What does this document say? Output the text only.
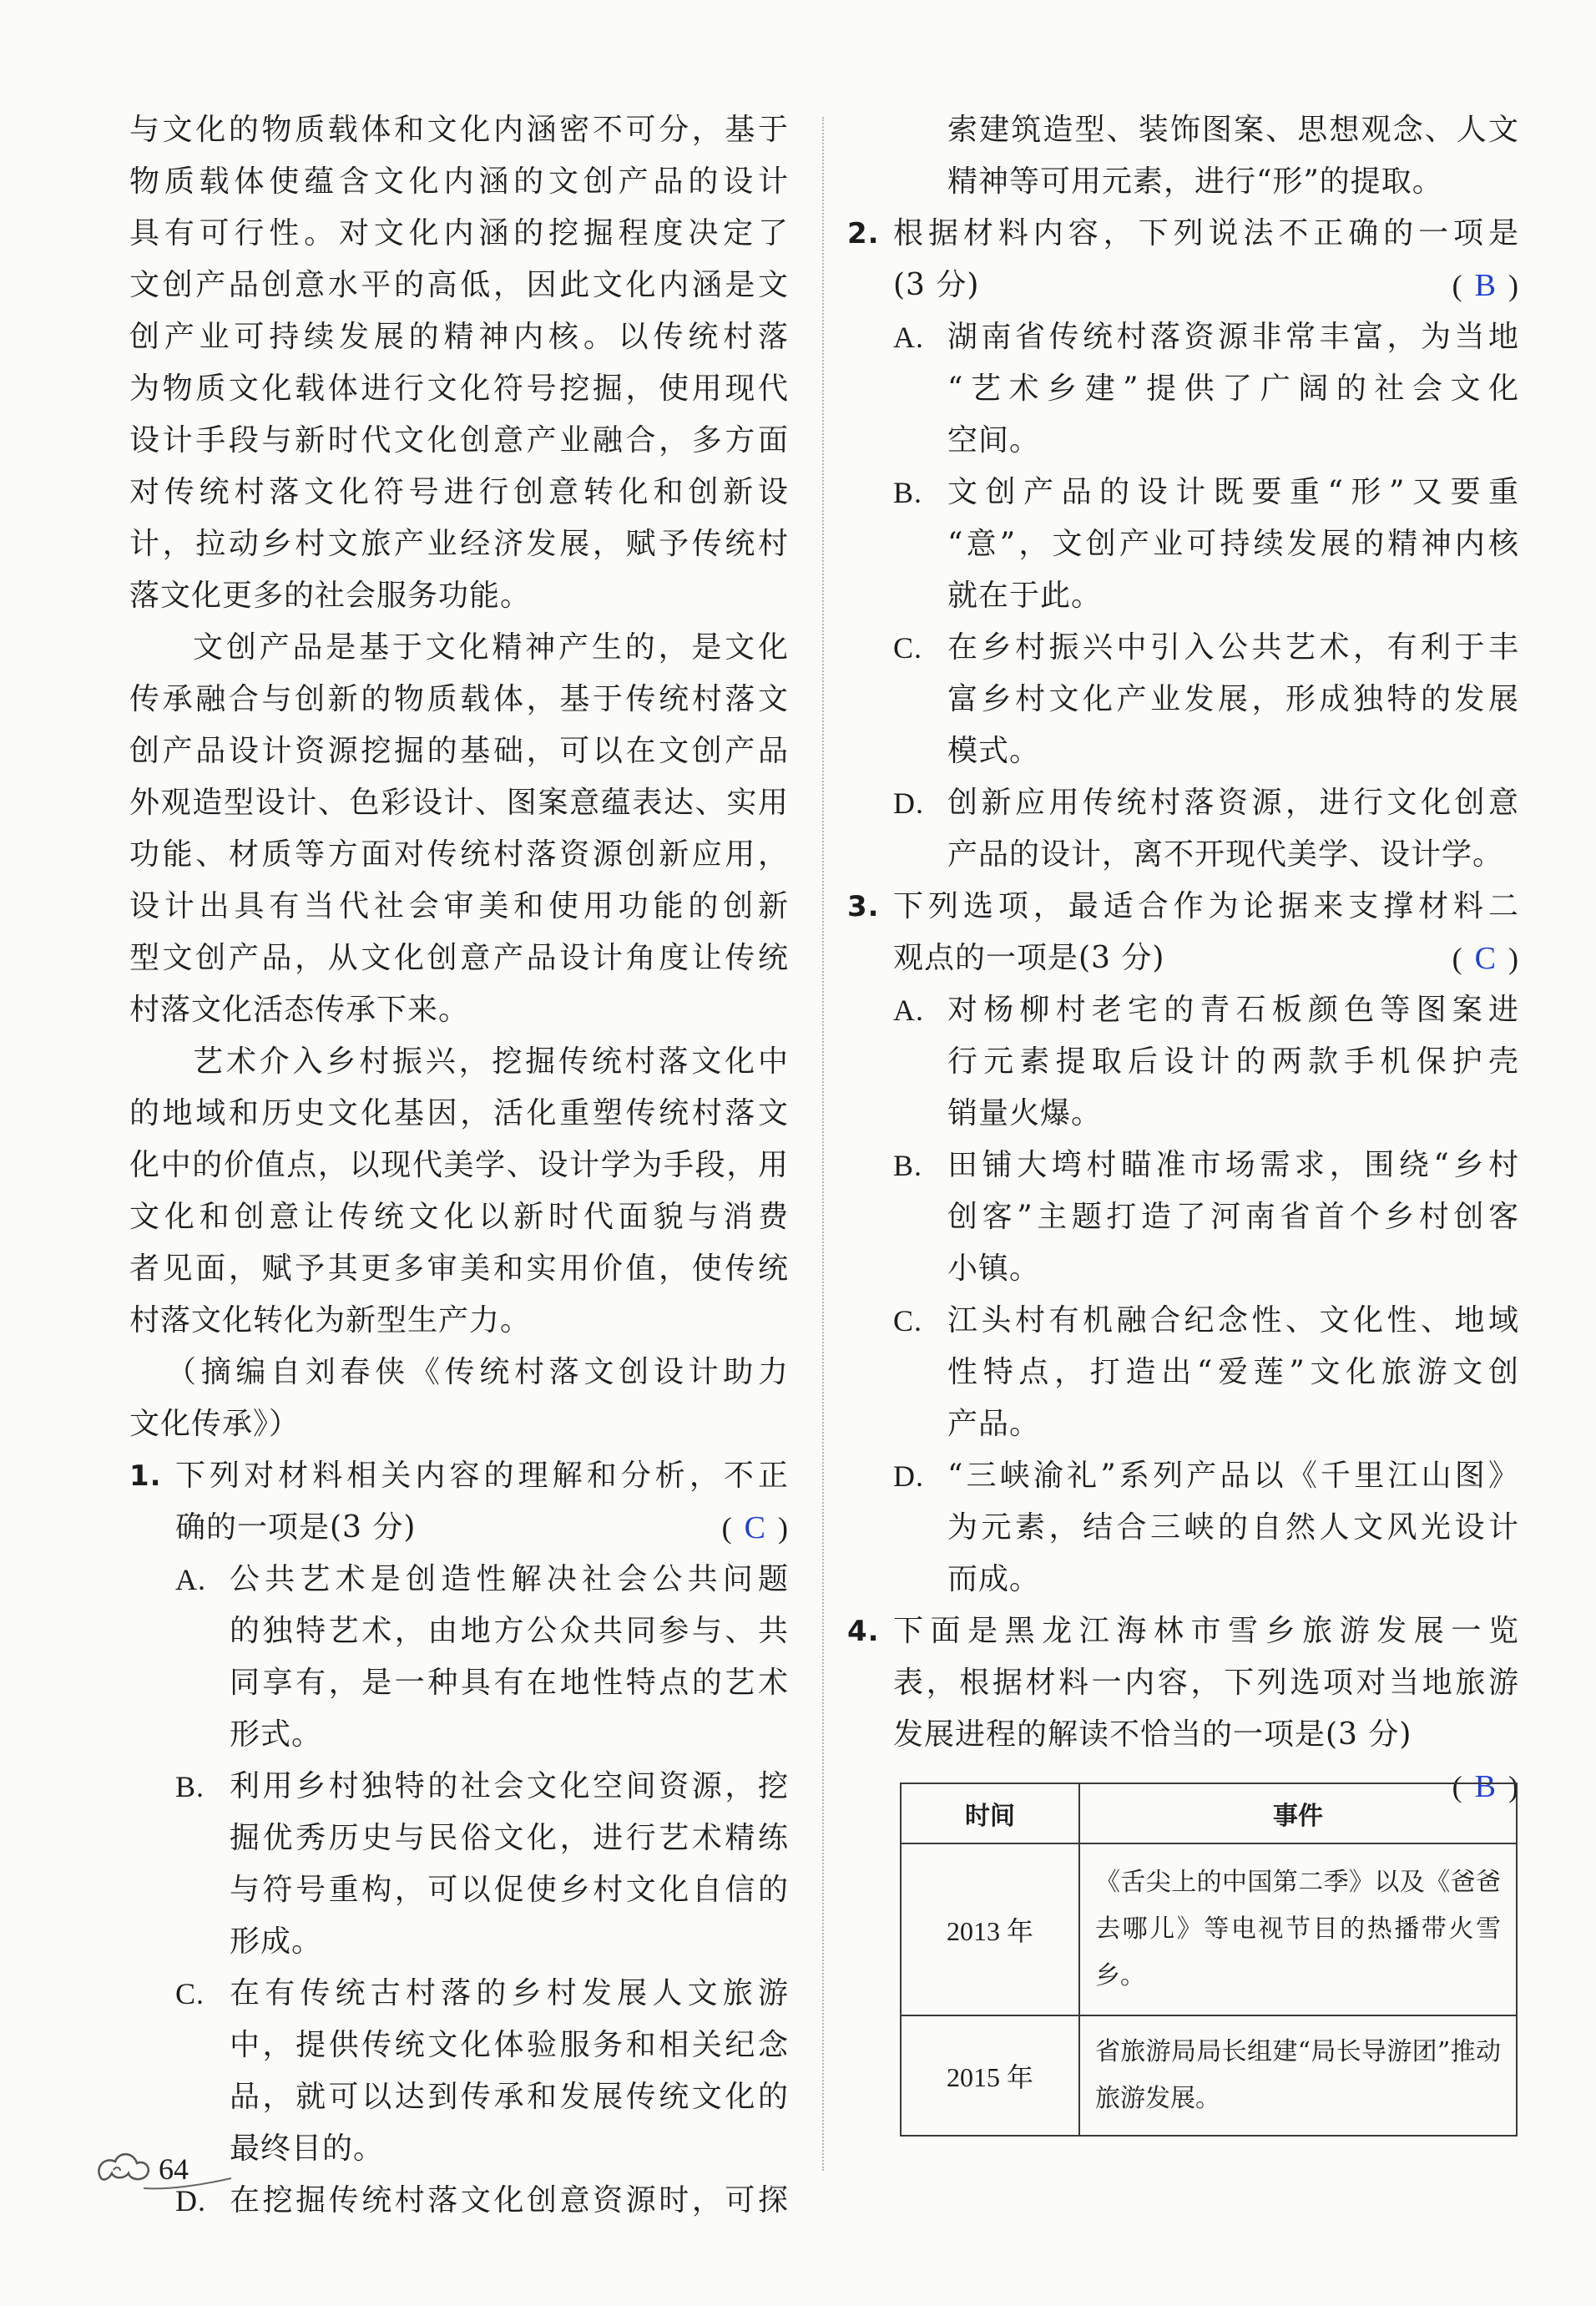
与文化的物质载体和文化内涵密不可分，基于
物质载体使蕴含文化内涵的文创产品的设计
具有可行性。对文化内涵的挖掘程度决定了
文创产品创意水平的高低，因此文化内涵是文
创产业可持续发展的精神内核。以传统村落
为物质文化载体进行文化符号挖掘，使用现代
设计手段与新时代文化创意产业融合，多方面
对传统村落文化符号进行创意转化和创新设
计，拉动乡村文旅产业经济发展，赋予传统村
落文化更多的社会服务功能。
文创产品是基于文化精神产生的，是文化
传承融合与创新的物质载体，基于传统村落文
创产品设计资源挖掘的基础，可以在文创产品
外观造型设计、色彩设计、图案意蕴表达、实用
功能、材质等方面对传统村落资源创新应用，
设计出具有当代社会审美和使用功能的创新
型文创产品，从文化创意产品设计角度让传统
村落文化活态传承下来。
艺术介入乡村振兴，挖掘传统村落文化中
的地域和历史文化基因，活化重塑传统村落文
化中的价值点，以现代美学、设计学为手段，用
文化和创意让传统文化以新时代面貌与消费
者见面，赋予其更多审美和实用价值，使传统
村落文化转化为新型生产力。
（摘编自刘春侠《传统村落文创设计助力
文化传承》）
1. 下列对材料相关内容的理解和分析，不正
确的一项是(3 分)	( C )
A. 公共艺术是创造性解决社会公共问题
的独特艺术，由地方公众共同参与、共
同享有，是一种具有在地性特点的艺术
形式。
B. 利用乡村独特的社会文化空间资源，挖
掘优秀历史与民俗文化，进行艺术精练
与符号重构，可以促使乡村文化自信的
形成。
C. 在有传统古村落的乡村发展人文旅游
中，提供传统文化体验服务和相关纪念
品，就可以达到传承和发展传统文化的
最终目的。
D. 在挖掘传统村落文化创意资源时，可探
索建筑造型、装饰图案、思想观念、人文
精神等可用元素，进行“形”的提取。
2. 根据材料内容，下列说法不正确的一项是
(3 分)	( B )
A. 湖南省传统村落资源非常丰富，为当地
“艺术乡建”提供了广阔的社会文化
空间。
B. 文创产品的设计既要重“形”又要重
“意”，文创产业可持续发展的精神内核
就在于此。
C. 在乡村振兴中引入公共艺术，有利于丰
富乡村文化产业发展，形成独特的发展
模式。
D. 创新应用传统村落资源，进行文化创意
产品的设计，离不开现代美学、设计学。
3. 下列选项，最适合作为论据来支撑材料二
观点的一项是(3 分)	( C )
A. 对杨柳村老宅的青石板颜色等图案进
行元素提取后设计的两款手机保护壳
销量火爆。
B. 田铺大塆村瞄准市场需求，围绕“乡村
创客”主题打造了河南省首个乡村创客
小镇。
C. 江头村有机融合纪念性、文化性、地域
性特点，打造出“爱莲”文化旅游文创
产品。
D. “三峡渝礼”系列产品以《千里江山图》
为元素，结合三峡的自然人文风光设计
而成。
4. 下面是黑龙江海林市雪乡旅游发展一览
表，根据材料一内容，下列选项对当地旅游
发展进程的解读不恰当的一项是(3 分)
( B )
时间	事件
2013 年	《舌尖上的中国第二季》以及《爸爸去哪儿》等电视节目的热播带火雪乡。
2015 年	省旅游局局长组建“局长导游团”推动旅游发展。
64
